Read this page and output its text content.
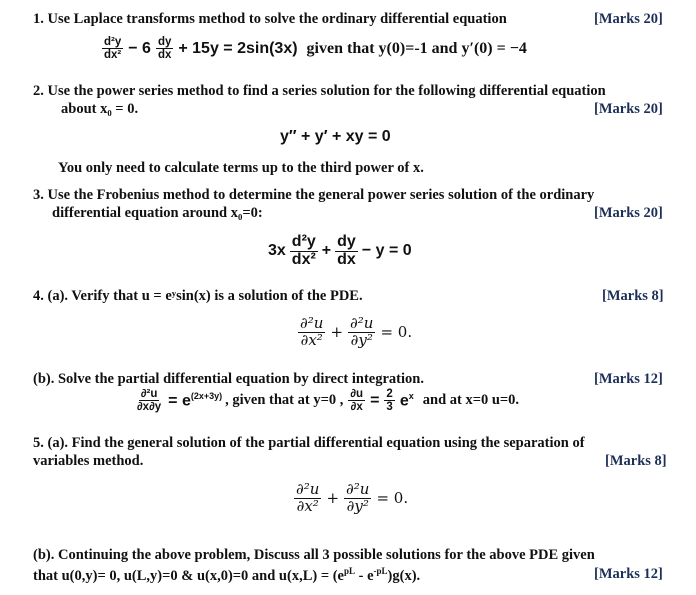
1. Use Laplace transforms method to solve the ordinary differential equation	[Marks 20]
$\frac{\text{d²y}}{\text{dx²}} - 6 \frac{dy}{dx} + 15y = 2\sin(3x)$ given that y(0)=-1 and y′(0) = −4
2. Use the power series method to find a series solution for the following differential equation
about x₀ = 0.	[Marks 20]
y″ + y′ + xy = 0
You only need to calculate terms up to the third power of x.
3. Use the Frobenius method to determine the general power series solution of the ordinary
differential equation around x₀=0:	[Marks 20]
$3x \frac{\text{d²y}}{\text{dx²}} + \frac{dy}{dx} - y = 0$
4. (a). Verify that u = eʸsin(x) is a solution of the PDE.	[Marks 8]
$\frac{\text{∂²u}}{\text{∂x²}} + \frac{\text{∂²u}}{\text{∂y²}} = 0$.
(b). Solve the partial differential equation by direct integration.	[Marks 12]
$\frac{\text{∂²u}}{\partial x\partial y} = e^{(2x+3y)}$ , given that at y=0 , $\frac{\partial u}{\partial x} = \frac{2}{3} e^x$ and at x=0 u=0.
5. (a). Find the general solution of the partial differential equation using the separation of
variables method.	[Marks 8]
$\frac{\text{∂²u}}{\text{∂x²}} + \frac{\text{∂²u}}{\text{∂y²}} = 0$.
(b). Continuing the above problem, Discuss all 3 possible solutions for the above PDE given
that u(0,y)= 0, u(L,y)=0 & u(x,0)=0 and $u(x,L) = (e^{pL} - e^{-pL})g(x)$.	[Marks 12]
